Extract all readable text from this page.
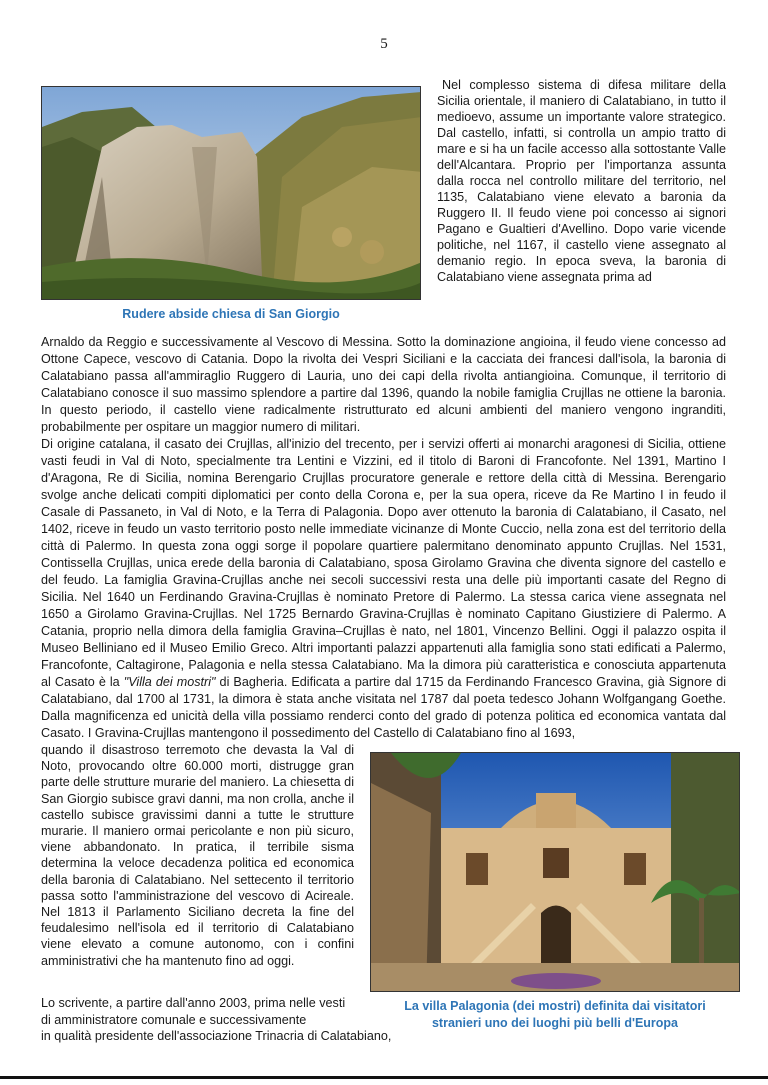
5
Rudere abside chiesa di San Giorgio
Nel complesso sistema di difesa militare della Sicilia orientale, il maniero di Calatabiano, in tutto il medioevo, assume un importante valore strategico. Dal castello, infatti, si controlla un ampio tratto di mare e si ha un facile accesso alla sottostante Valle dell'Alcantara. Proprio per l'importanza assunta dalla rocca nel controllo militare del territorio, nel 1135, Calatabiano viene elevato a baronia da Ruggero II. Il feudo viene poi concesso ai signori Pagano e Gualtieri d'Avellino. Dopo varie vicende politiche, nel 1167, il castello viene assegnato al demanio regio. In epoca sveva, la baronia di Calatabiano viene assegnata prima ad

Arnaldo da Reggio e successivamente al Vescovo di Messina. Sotto la dominazione angioina, il feudo viene concesso ad Ottone Capece, vescovo di Catania. Dopo la rivolta dei Vespri Siciliani e la cacciata dei francesi dall'isola, la baronia di Calatabiano passa all'ammiraglio Ruggero di Lauria, uno dei capi della rivolta antiangioina. Comunque, il territorio di Calatabiano conosce il suo massimo splendore a partire dal 1396, quando la nobile famiglia Crujllas ne ottiene la baronia. In questo periodo, il castello viene radicalmente ristrutturato ed alcuni ambienti del maniero vengono ingranditi, probabilmente per ospitare un maggior numero di militari.

Di origine catalana, il casato dei Crujllas, all'inizio del trecento, per i servizi offerti ai monarchi aragonesi di Sicilia, ottiene vasti feudi in Val di Noto, specialmente tra Lentini e Vizzini, ed il titolo di Baroni di Francofonte. Nel 1391, Martino I d'Aragona, Re di Sicilia, nomina Berengario Crujllas procuratore generale e rettore della città di Messina. Berengario svolge anche delicati compiti diplomatici per conto della Corona e, per la sua opera, riceve da Re Martino I in feudo il Casale di Passaneto, in Val di Noto, e la Terra di Palagonia. Dopo aver ottenuto la baronia di Calatabiano, il Casato, nel 1402, riceve in feudo un vasto territorio posto nelle immediate vicinanze di Monte Cuccio, nella zona est del territorio della città di Palermo. In questa zona oggi sorge il popolare quartiere palermitano denominato appunto Crujllas. Nel 1531, Contissella Crujllas, unica erede della baronia di Calatabiano, sposa Girolamo Gravina che diventa signore del castello e del feudo. La famiglia Gravina-Crujllas anche nei secoli successivi resta una delle più importanti casate del Regno di Sicilia. Nel 1640 un Ferdinando Gravina-Crujllas è nominato Pretore di Palermo. La stessa carica viene assegnata nel 1650 a Girolamo Gravina-Crujllas. Nel 1725 Bernardo Gravina-Crujllas è nominato Capitano Giustiziere di Palermo. A Catania, proprio nella dimora della famiglia Gravina–Crujllas è nato, nel 1801, Vincenzo Bellini. Oggi il palazzo ospita il Museo Belliniano ed il Museo Emilio Greco. Altri importanti palazzi appartenuti alla famiglia sono stati edificati a Palermo, Francofonte, Caltagirone, Palagonia e nella stessa Calatabiano. Ma la dimora più caratteristica e conosciuta appartenuta al Casato è la "Villa dei mostri" di Bagheria. Edificata a partire dal 1715 da Ferdinando Francesco Gravina, già Signore di Calatabiano, dal 1700 al 1731, la dimora è stata anche visitata nel 1787 dal poeta tedesco Johann Wolfgangang Goethe. Dalla magnificenza ed unicità della villa possiamo renderci conto del grado di potenza politica ed economica vantata dal Casato. I Gravina-Crujllas mantengono il possedimento del Castello di Calatabiano fino al 1693,

quando il disastroso terremoto che devasta la Val di Noto, provocando oltre 60.000 morti, distrugge gran parte delle strutture murarie del maniero. La chiesetta di San Giorgio subisce gravi danni, ma non crolla, anche il castello subisce gravissimi danni a tutte le strutture murarie. Il maniero ormai pericolante e non più sicuro, viene abbandonato. In pratica, il terribile sisma determina la veloce decadenza politica ed economica della baronia di Calatabiano. Nel settecento il territorio passa sotto l'amministrazione del vescovo di Acireale. Nel 1813 il Parlamento Siciliano decreta la fine del feudalesimo nell'isola ed il territorio di Calatabiano viene elevato a comune autonomo, con i confini amministrativi che ha mantenuto fino ad oggi.

La villa Palagonia (dei mostri) definita dai visitatori
stranieri uno dei luoghi più belli d'Europa

Lo scrivente, a partire dall'anno 2003, prima nelle vesti

di amministratore comunale e successivamente

in qualità presidente dell'associazione Trinacria di Calatabiano,
